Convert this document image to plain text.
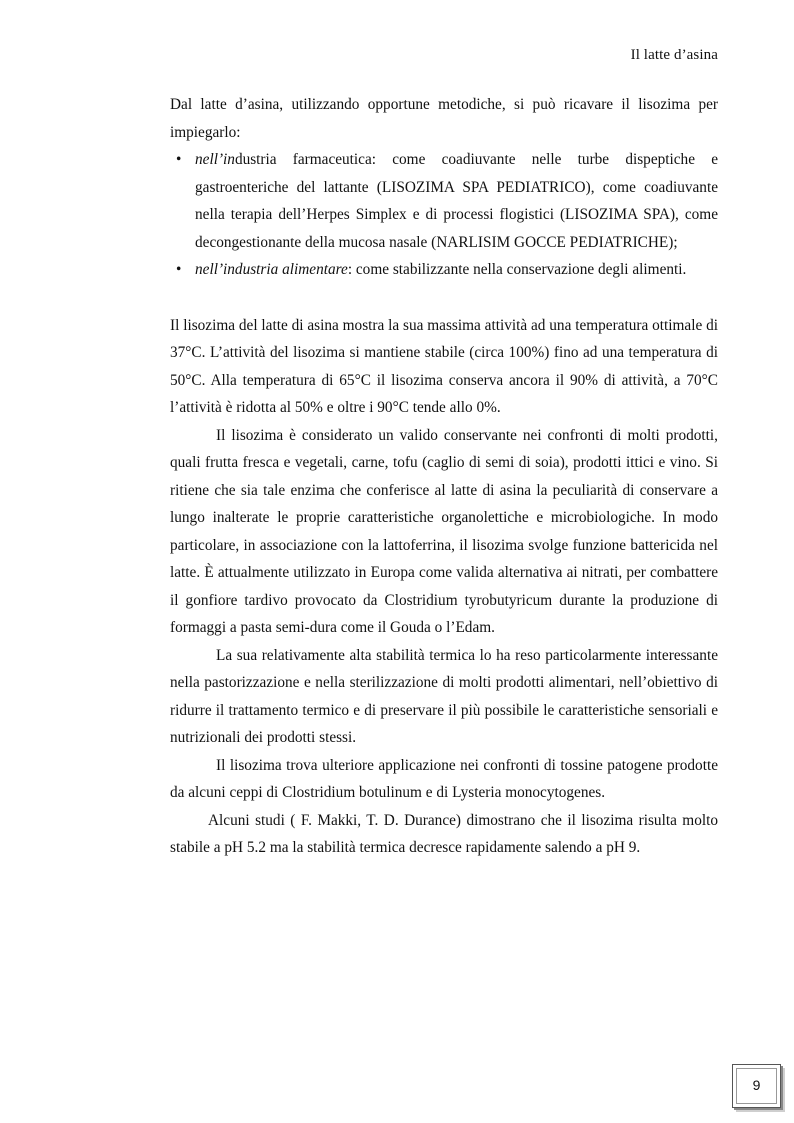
Il latte d’asina

Dal latte d’asina, utilizzando opportune metodiche, si può ricavare il lisozima per impiegarlo:

• nell’industria farmaceutica: come coadiuvante nelle turbe dispeptiche e gastroenteriche del lattante (LISOZIMA SPA PEDIATRICO), come coadiuvante nella terapia dell’Herpes Simplex e di processi flogistici (LISOZIMA SPA), come decongestionante della mucosa nasale (NARLISIM GOCCE PEDIATRICHE);
• nell’industria alimentare: come stabilizzante nella conservazione degli alimenti.

Il lisozima del latte di asina mostra la sua massima attività ad una temperatura ottimale di 37°C. L’attività del lisozima si mantiene stabile (circa 100%) fino ad una temperatura di 50°C. Alla temperatura di 65°C il lisozima conserva ancora il 90% di attività, a 70°C l’attività è ridotta al 50% e oltre i 90°C tende allo 0%.

Il lisozima è considerato un valido conservante nei confronti di molti prodotti, quali frutta fresca e vegetali, carne, tofu (caglio di semi di soia), prodotti ittici e vino. Si ritiene che sia tale enzima che conferisce al latte di asina la peculiarità di conservare a lungo inalterate le proprie caratteristiche organolettiche e microbiologiche. In modo particolare, in associazione con la lattoferrina, il lisozima svolge funzione battericida nel latte. È attualmente utilizzato in Europa come valida alternativa ai nitrati, per combattere il gonfiore tardivo provocato da Clostridium tyrobutyricum durante la produzione di formaggi a pasta semi-dura come il Gouda o l’Edam.

La sua relativamente alta stabilità termica lo ha reso particolarmente interessante nella pastorizzazione e nella sterilizzazione di molti prodotti alimentari, nell’obiettivo di ridurre il trattamento termico e di preservare il più possibile le caratteristiche sensoriali e nutrizionali dei prodotti stessi.

Il lisozima trova ulteriore applicazione nei confronti di tossine patogene prodotte da alcuni ceppi di Clostridium botulinum e di Lysteria monocytogenes.

Alcuni studi ( F. Makki, T. D. Durance) dimostrano che il lisozima risulta molto stabile a pH 5.2 ma la stabilità termica decresce rapidamente salendo a pH 9.

9
